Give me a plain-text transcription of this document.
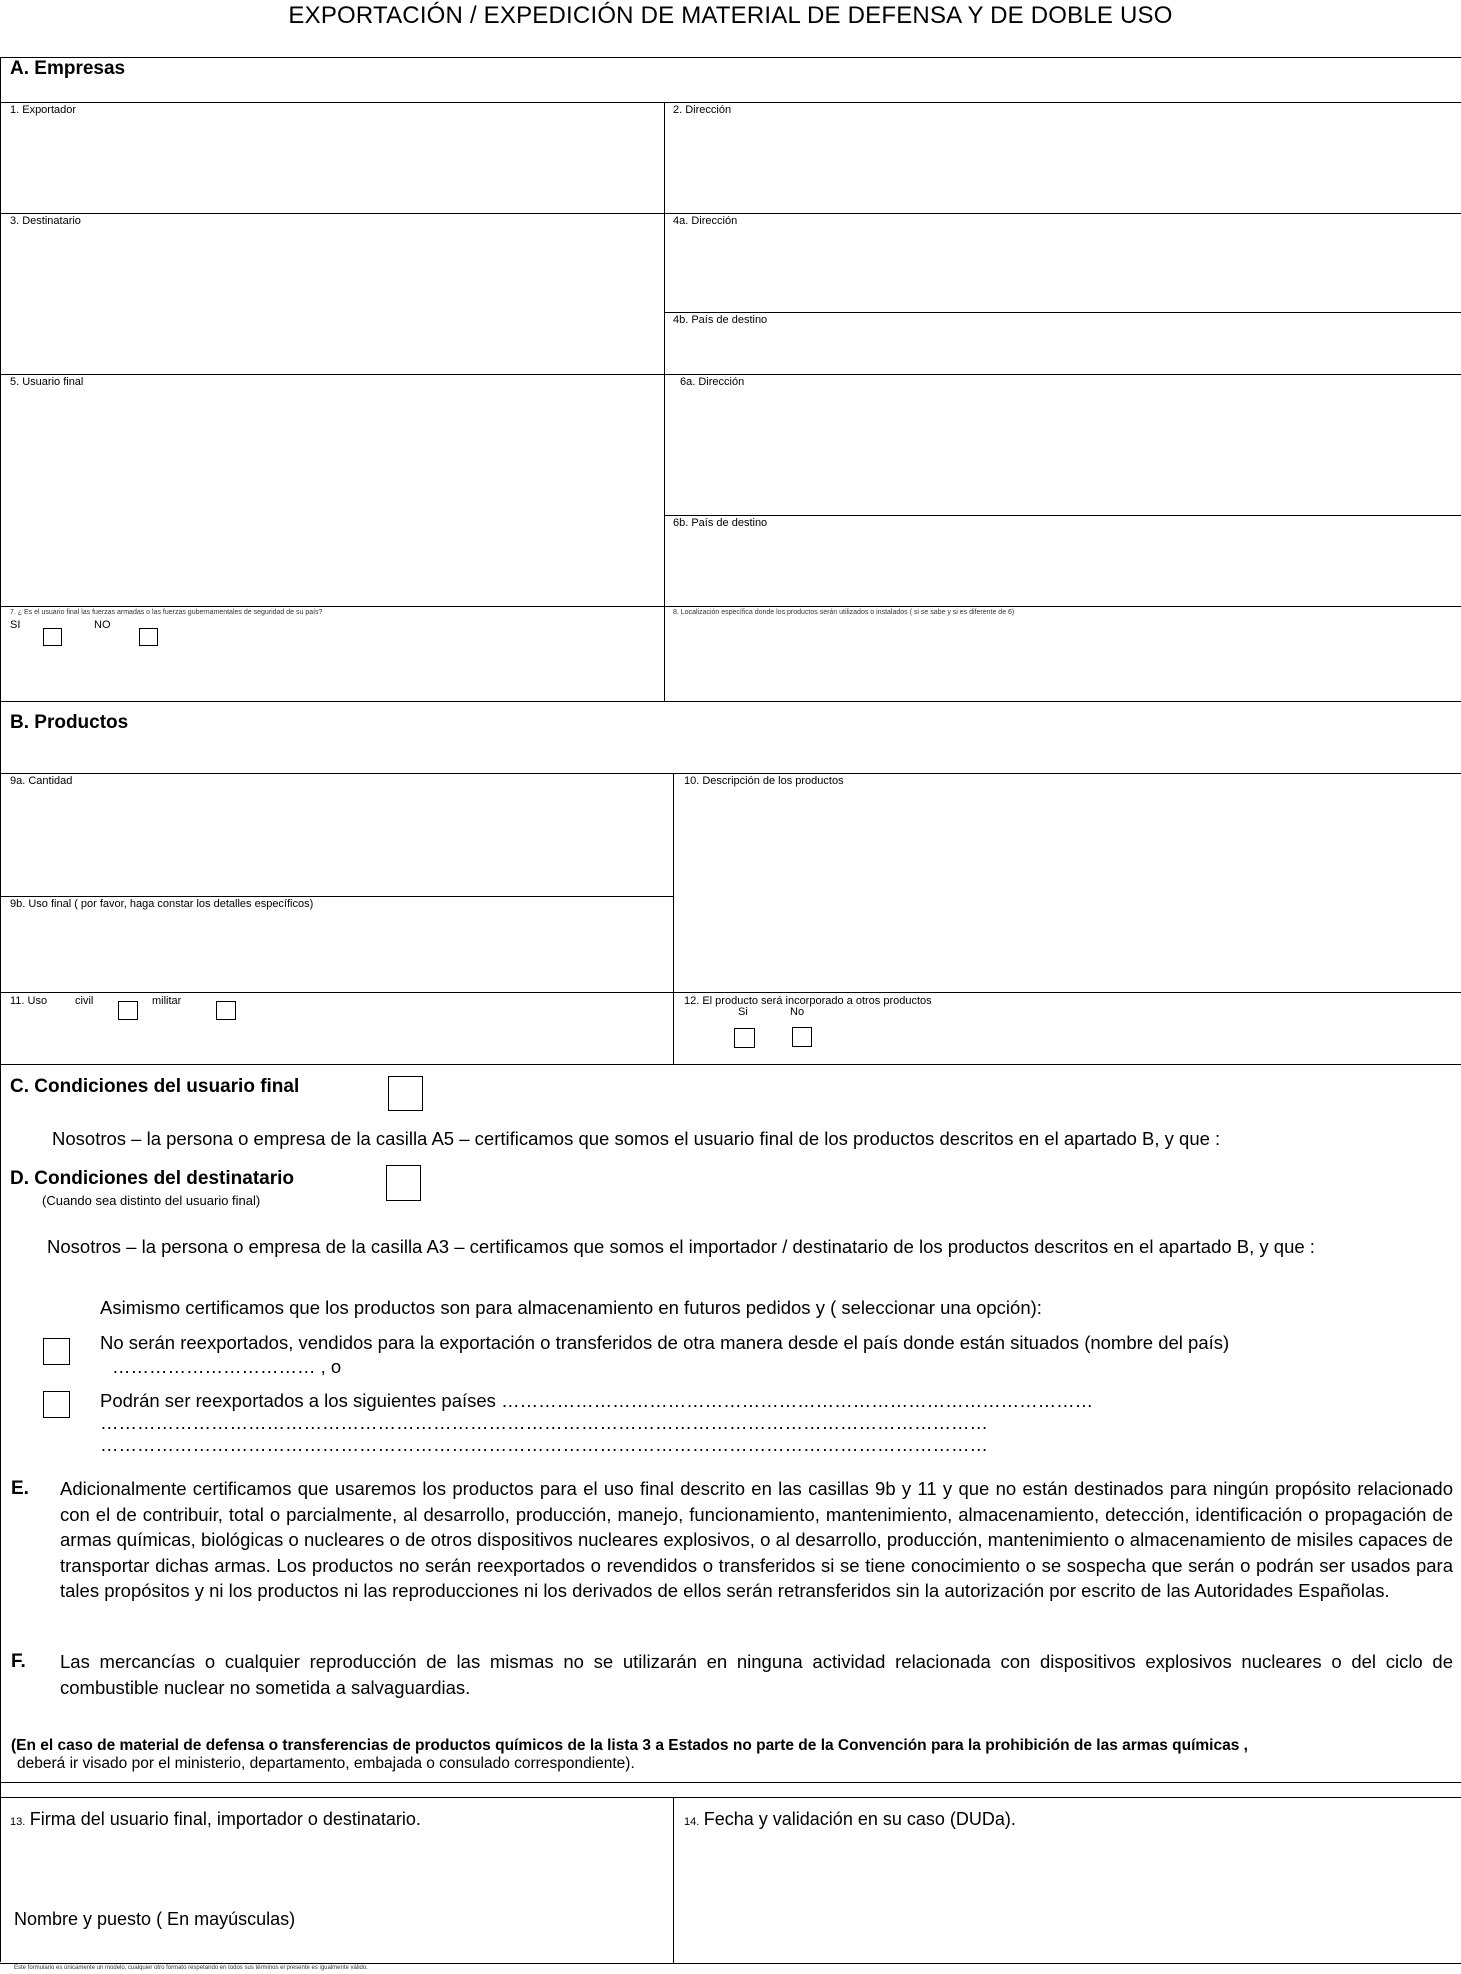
EXPORTACIÓN / EXPEDICIÓN DE MATERIAL DE DEFENSA Y DE DOBLE USO
A. Empresas
1. Exportador	2. Dirección
3. Destinatario	4a. Dirección
4b. País de destino
5. Usuario final	6a. Dirección
6b. País de destino
7. ¿ Es el usuario final las fuerzas armadas o las fuerzas gubernamentales de seguridad de su país?
SI	NO
8. Localización específica donde los productos serán utilizados o instalados ( si se sabe y si es diferente de 6)
B. Productos
9a. Cantidad	10. Descripción de los productos
9b. Uso final ( por favor, haga constar los detalles específicos)
11. Uso	civil	militar	12. El producto será incorporado a otros productos
Si	No
C. Condiciones del usuario final
Nosotros – la persona o empresa de la casilla A5 – certificamos que somos el usuario final de los productos descritos en el apartado B, y que :
D. Condiciones del destinatario
(Cuando sea distinto del usuario final)
Nosotros – la persona o empresa de la casilla A3 – certificamos que somos el importador / destinatario de los productos descritos en el apartado B, y que :
Asimismo certificamos que los productos son para almacenamiento en futuros pedidos y ( seleccionar una opción):
No serán reexportados, vendidos para la exportación o transferidos de otra manera desde el país donde están situados (nombre del país)
…………………………… , o
Podrán ser reexportados a los siguientes países ……………………………………………………………………………………
………………………………………………………………………………………………………………………………
………………………………………………………………………………………………………………………………
E. Adicionalmente certificamos que usaremos los productos para el uso final descrito en las casillas 9b y 11 y que no están destinados para ningún propósito relacionado con el de contribuir, total o parcialmente, al desarrollo, producción, manejo, funcionamiento, mantenimiento, almacenamiento, detección, identificación o propagación de armas químicas, biológicas o nucleares o de otros dispositivos nucleares explosivos, o al desarrollo, producción, mantenimiento o almacenamiento de misiles capaces de transportar dichas armas. Los productos no serán reexportados o revendidos o transferidos si se tiene conocimiento o se sospecha que serán o podrán ser usados para tales propósitos y ni los productos ni las reproducciones ni los derivados de ellos serán retransferidos sin la autorización por escrito de las Autoridades Españolas.
F. Las mercancías o cualquier reproducción de las mismas no se utilizarán en ninguna actividad relacionada con dispositivos explosivos nucleares o del ciclo de combustible nuclear no sometida a salvaguardias.
(En el caso de material de defensa o transferencias de productos químicos de la lista 3 a Estados no parte de la Convención para la prohibición de las armas químicas ,
deberá ir visado por el ministerio, departamento, embajada o consulado correspondiente).
13. Firma del usuario final, importador o destinatario.	14. Fecha y validación en su caso (DUDa).
Nombre y puesto ( En mayúsculas)
Este formulario es únicamente un modelo, cualquier otro formato respetando en todos sus términos el presente es igualmente válido.
